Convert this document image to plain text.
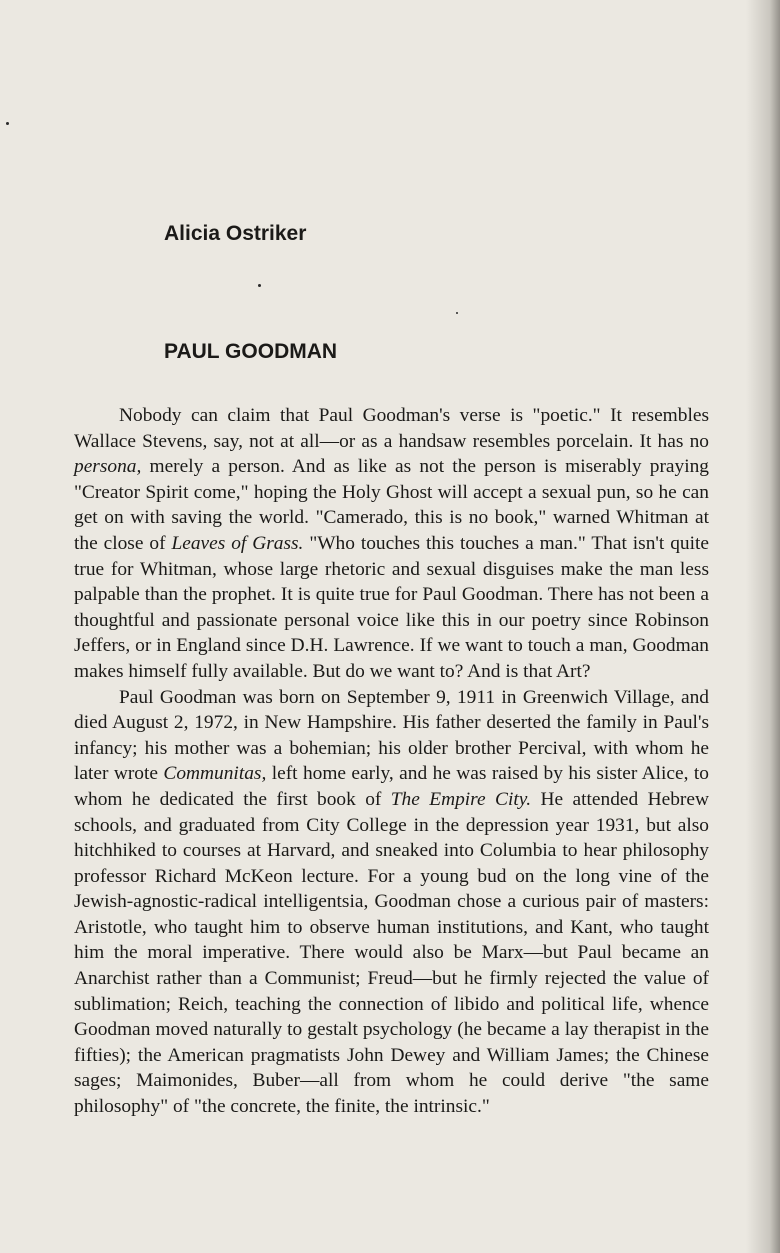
Alicia Ostriker
PAUL GOODMAN

Nobody can claim that Paul Goodman's verse is "poetic." It resembles Wallace Stevens, say, not at all—or as a handsaw resembles porcelain. It has no persona, merely a person. And as like as not the person is miserably praying "Creator Spirit come," hoping the Holy Ghost will accept a sexual pun, so he can get on with saving the world. "Camerado, this is no book," warned Whitman at the close of Leaves of Grass. "Who touches this touches a man." That isn't quite true for Whitman, whose large rhetoric and sexual disguises make the man less palpable than the prophet. It is quite true for Paul Goodman. There has not been a thoughtful and passionate personal voice like this in our poetry since Robinson Jeffers, or in England since D.H. Lawrence. If we want to touch a man, Goodman makes himself fully available. But do we want to? And is that Art?

Paul Goodman was born on September 9, 1911 in Greenwich Village, and died August 2, 1972, in New Hampshire. His father deserted the family in Paul's infancy; his mother was a bohemian; his older brother Percival, with whom he later wrote Communitas, left home early, and he was raised by his sister Alice, to whom he dedicated the first book of The Empire City. He attended Hebrew schools, and graduated from City College in the depression year 1931, but also hitchhiked to courses at Harvard, and sneaked into Columbia to hear philosophy professor Richard McKeon lecture. For a young bud on the long vine of the Jewish-agnostic-radical intelligentsia, Goodman chose a curious pair of masters: Aristotle, who taught him to observe human institutions, and Kant, who taught him the moral imperative. There would also be Marx—but Paul became an Anarchist rather than a Communist; Freud—but he firmly rejected the value of sublimation; Reich, teaching the connection of libido and political life, whence Goodman moved naturally to gestalt psychology (he became a lay therapist in the fifties); the American pragmatists John Dewey and William James; the Chinese sages; Maimonides, Buber—all from whom he could derive "the same philosophy" of "the concrete, the finite, the intrinsic."
